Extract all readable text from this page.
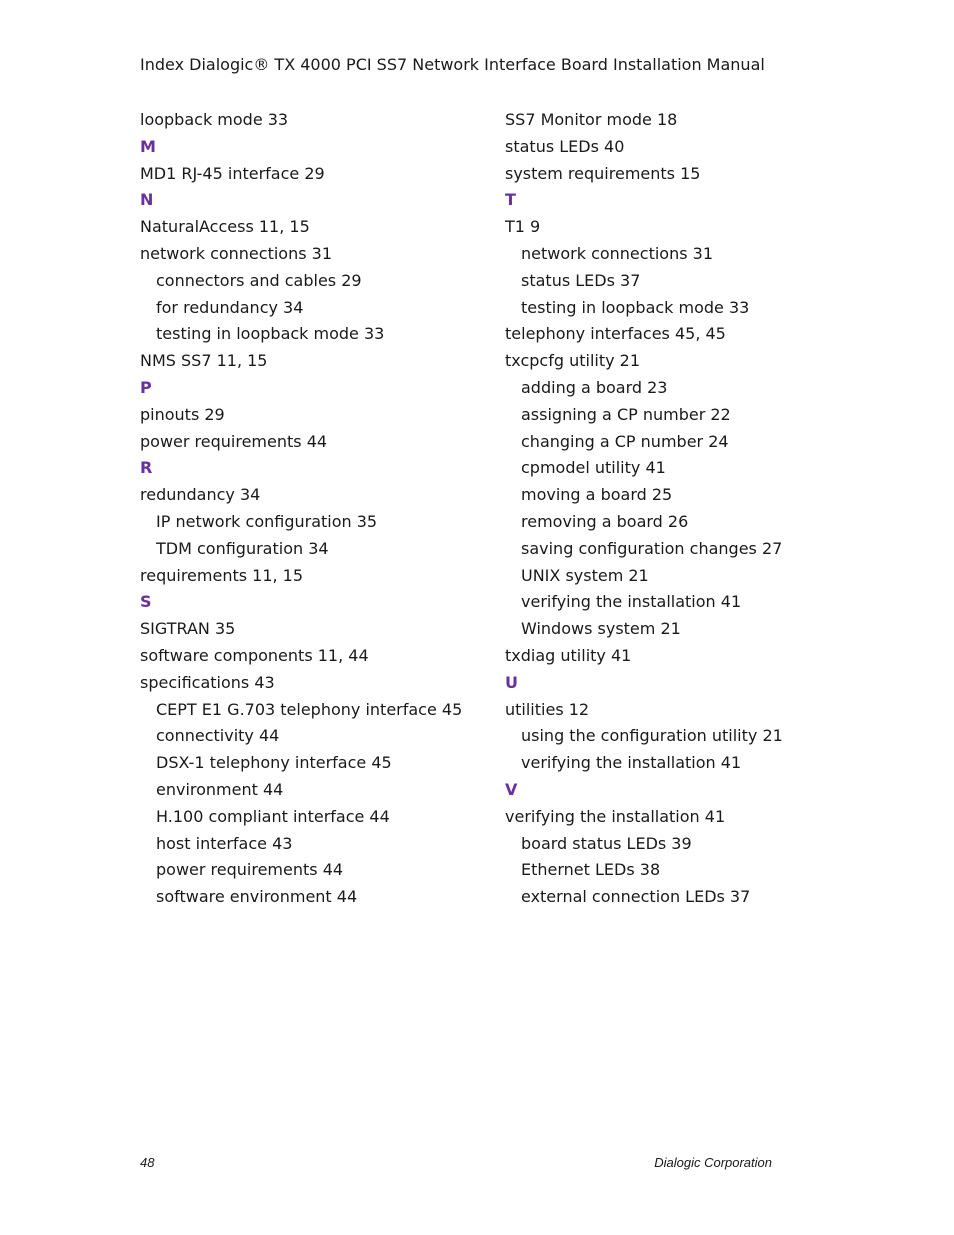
Index Dialogic® TX 4000 PCI SS7 Network Interface Board Installation Manual
loopback mode 33
M
MD1 RJ-45 interface 29
N
NaturalAccess 11, 15
network connections 31
connectors and cables 29
for redundancy 34
testing in loopback mode 33
NMS SS7 11, 15
P
pinouts 29
power requirements 44
R
redundancy 34
IP network configuration 35
TDM configuration 34
requirements 11, 15
S
SIGTRAN 35
software components 11, 44
specifications 43
CEPT E1 G.703 telephony interface 45
connectivity 44
DSX-1 telephony interface 45
environment 44
H.100 compliant interface 44
host interface 43
power requirements 44
software environment 44
SS7 Monitor mode 18
status LEDs 40
system requirements 15
T
T1 9
network connections 31
status LEDs 37
testing in loopback mode 33
telephony interfaces 45, 45
txcpcfg utility 21
adding a board 23
assigning a CP number 22
changing a CP number 24
cpmodel utility 41
moving a board 25
removing a board 26
saving configuration changes 27
UNIX system 21
verifying the installation 41
Windows system 21
txdiag utility 41
U
utilities 12
using the configuration utility 21
verifying the installation 41
V
verifying the installation 41
board status LEDs 39
Ethernet LEDs 38
external connection LEDs 37
48	Dialogic Corporation
